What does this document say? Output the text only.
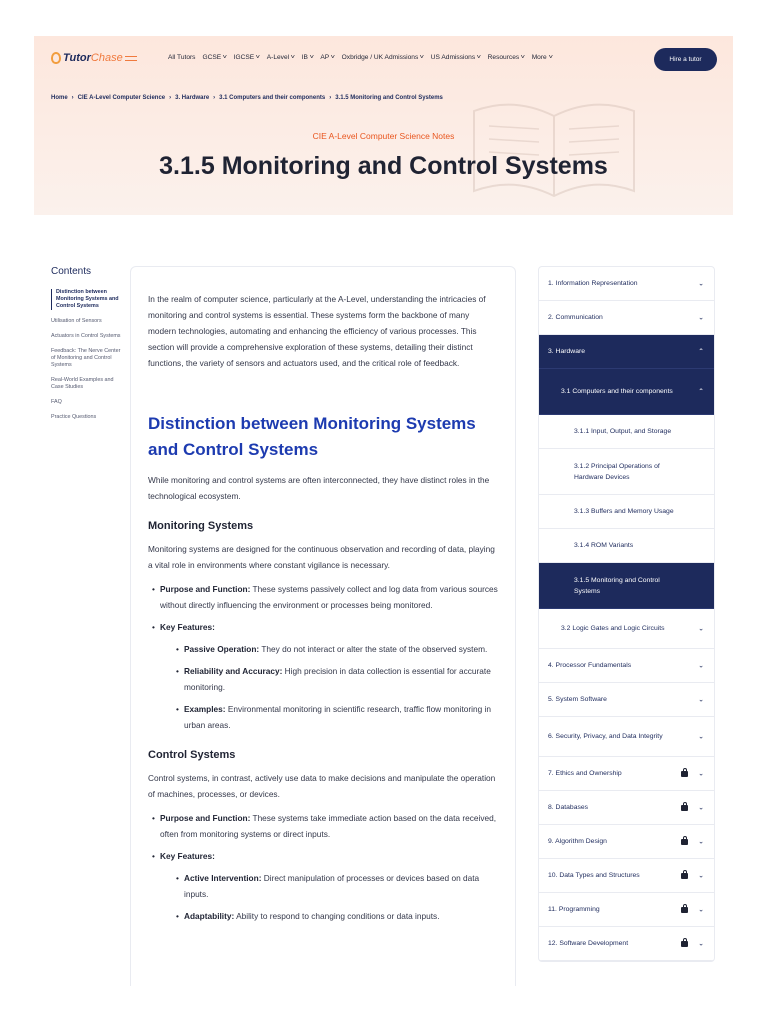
Tutor Chase	All Tutors GCSE ˅ IGCSE ˅ A-Level ˅ IB ˅ AP ˅ Oxbridge / UK Admissions ˅ US Admissions ˅ Resources ˅ More ˅	Hire a tutor
Home › CIE A-Level Computer Science › 3. Hardware › 3.1 Computers and their components › 3.1.5 Monitoring and Control Systems
CIE A-Level Computer Science Notes
3.1.5 Monitoring and Control Systems
Contents
Distinction between Monitoring Systems and Control Systems
Utilisation of Sensors
Actuators in Control Systems
Feedback: The Nerve Center of Monitoring and Control Systems
Real-World Examples and Case Studies
FAQ
Practice Questions

In the realm of computer science, particularly at the A-Level, understanding the intricacies of monitoring and control systems is essential. These systems form the backbone of many modern technologies, automating and enhancing the efficiency of various processes. This section will provide a comprehensive exploration of these systems, detailing their distinct functions, the variety of sensors and actuators used, and the critical role of feedback.

Distinction between Monitoring Systems and Control Systems

While monitoring and control systems are often interconnected, they have distinct roles in the technological ecosystem.

Monitoring Systems

Monitoring systems are designed for the continuous observation and recording of data, playing a vital role in environments where constant vigilance is necessary.

• Purpose and Function: These systems passively collect and log data from various sources without directly influencing the environment or processes being monitored.
• Key Features:
• Passive Operation: They do not interact or alter the state of the observed system.
• Reliability and Accuracy: High precision in data collection is essential for accurate monitoring.
• Examples: Environmental monitoring in scientific research, traffic flow monitoring in urban areas.
Control Systems

Control systems, in contrast, actively use data to make decisions and manipulate the operation of machines, processes, or devices.

• Purpose and Function: These systems take immediate action based on the data received, often from monitoring systems or direct inputs.
• Key Features:
• Active Intervention: Direct manipulation of processes or devices based on data inputs.
• Adaptability: Ability to respond to changing conditions or data inputs.
1. Information Representation	⌄
2. Communication	⌄
3. Hardware	⌃
3.1 Computers and their components	⌃
3.1.1 Input, Output, and Storage
3.1.2 Principal Operations of Hardware Devices
3.1.3 Buffers and Memory Usage
3.1.4 ROM Variants
3.1.5 Monitoring and Control Systems
3.2 Logic Gates and Logic Circuits	⌄
4. Processor Fundamentals	⌄
5. System Software	⌄
6. Security, Privacy, and Data Integrity	⌄
7. Ethics and Ownership	⌄
8. Databases	⌄
9. Algorithm Design	⌄
10. Data Types and Structures	⌄
11. Programming	⌄
12. Software Development	⌄
